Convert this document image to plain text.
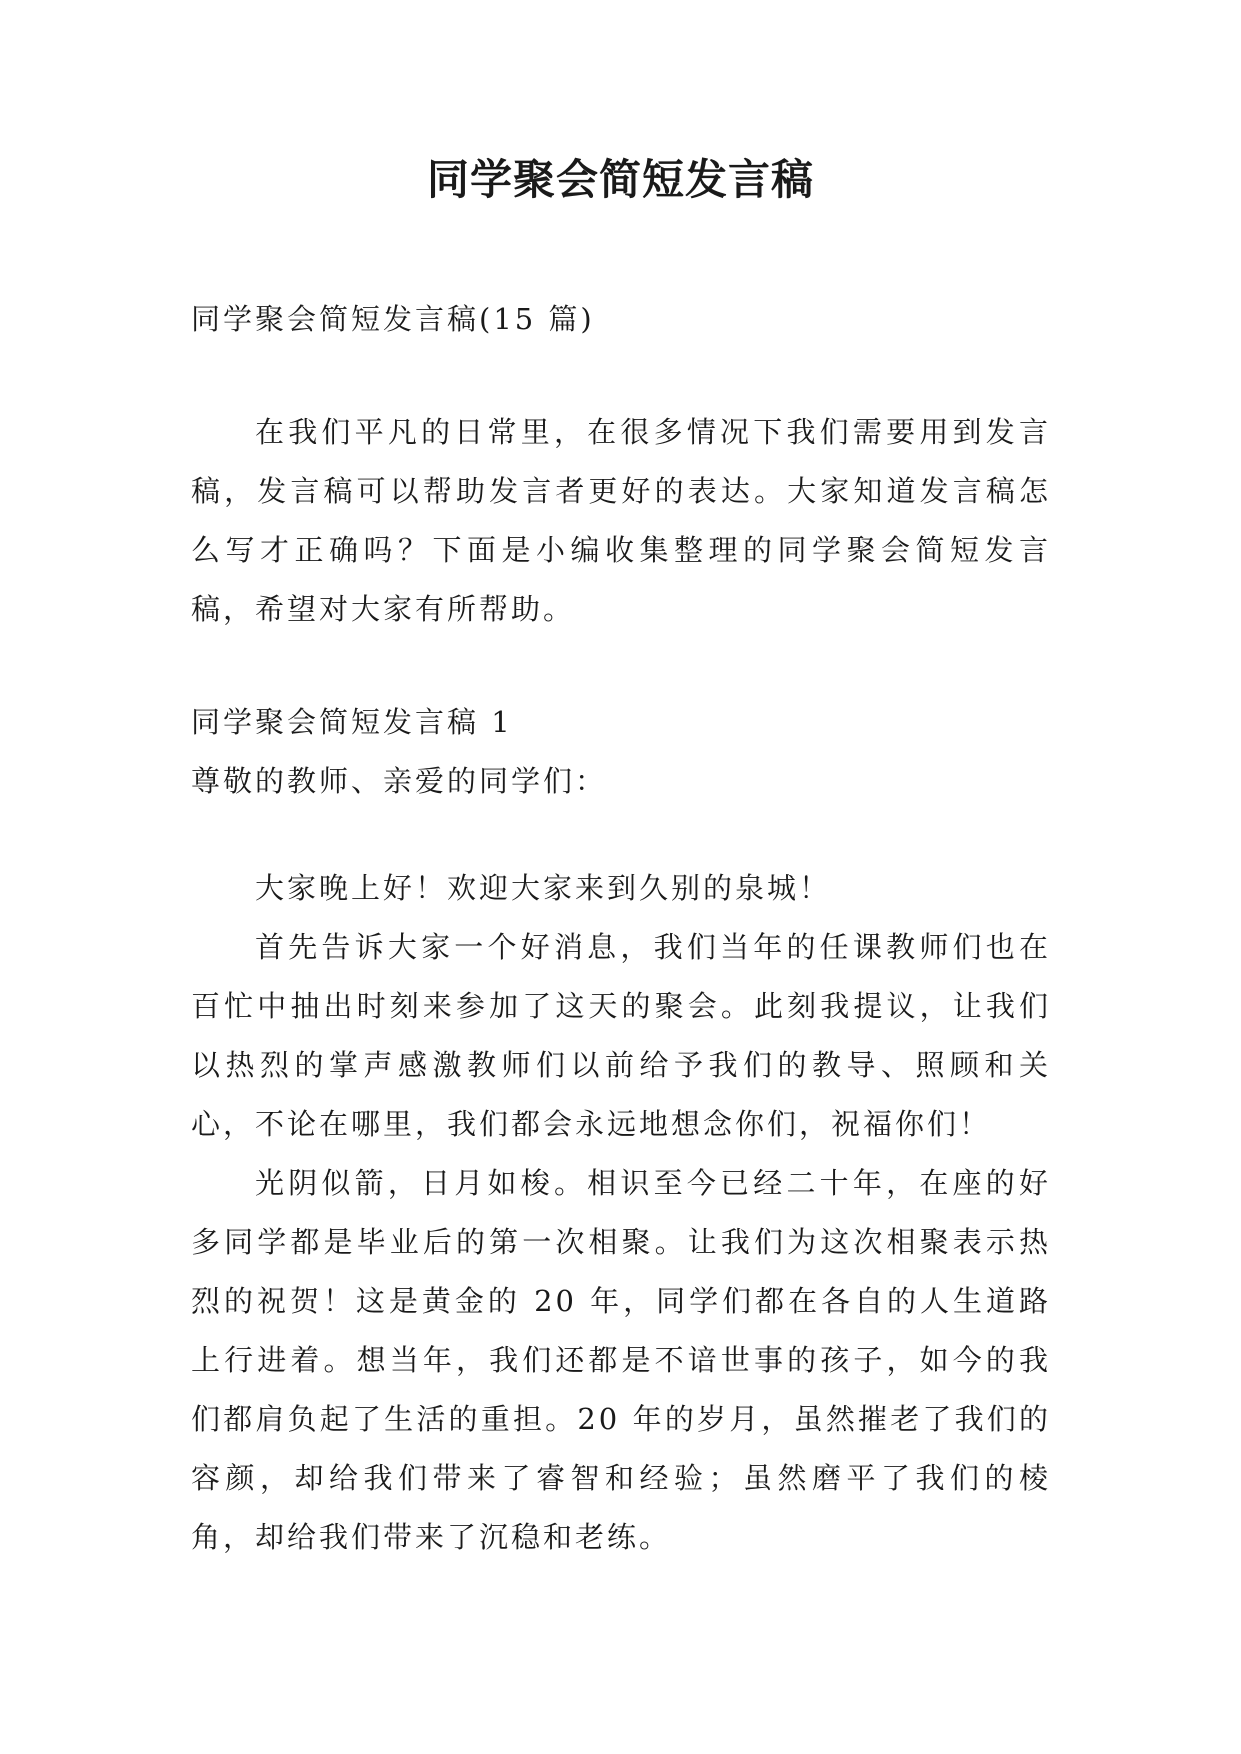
同学聚会简短发言稿

同学聚会简短发言稿(15 篇)

在我们平凡的日常里，在很多情况下我们需要用到发言稿，发言稿可以帮助发言者更好的表达。大家知道发言稿怎么写才正确吗？下面是小编收集整理的同学聚会简短发言稿，希望对大家有所帮助。

同学聚会简短发言稿 1

尊敬的教师、亲爱的同学们：

大家晚上好！欢迎大家来到久别的泉城！

首先告诉大家一个好消息，我们当年的任课教师们也在百忙中抽出时刻来参加了这天的聚会。此刻我提议，让我们以热烈的掌声感激教师们以前给予我们的教导、照顾和关心，不论在哪里，我们都会永远地想念你们，祝福你们！

光阴似箭，日月如梭。相识至今已经二十年，在座的好多同学都是毕业后的第一次相聚。让我们为这次相聚表示热烈的祝贺！这是黄金的 20 年，同学们都在各自的人生道路上行进着。想当年，我们还都是不谙世事的孩子，如今的我们都肩负起了生活的重担。20 年的岁月，虽然摧老了我们的容颜，却给我们带来了睿智和经验；虽然磨平了我们的棱角，却给我们带来了沉稳和老练。
